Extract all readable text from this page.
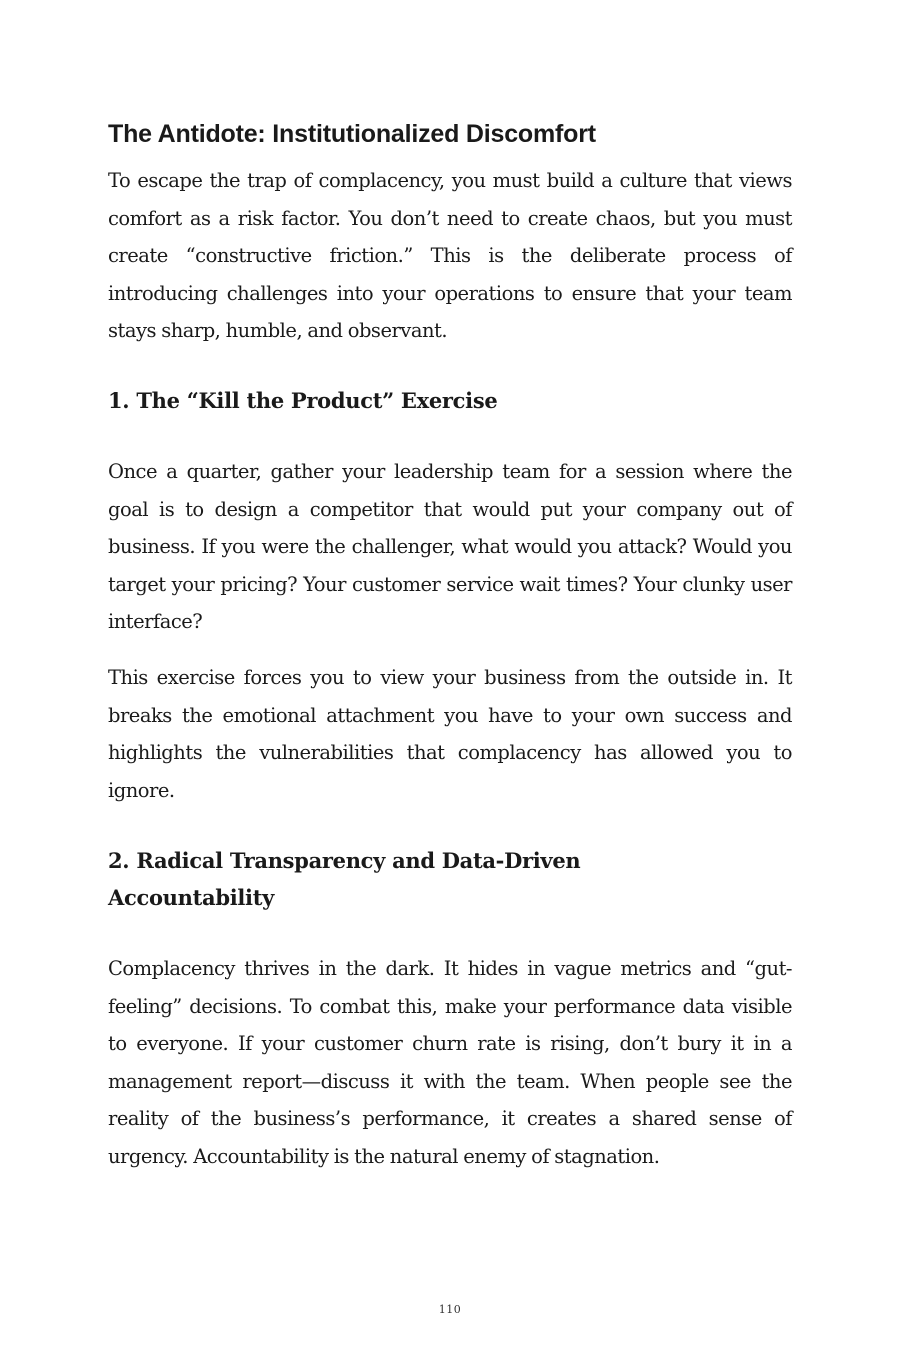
The Antidote: Institutionalized Discomfort

To escape the trap of complacency, you must build a culture that views comfort as a risk factor. You don’t need to create chaos, but you must create “constructive friction.” This is the deliberate process of introducing challenges into your operations to ensure that your team stays sharp, humble, and observant.

1. The “Kill the Product” Exercise

Once a quarter, gather your leadership team for a session where the goal is to design a competitor that would put your company out of business. If you were the challenger, what would you attack? Would you target your pricing? Your customer service wait times? Your clunky user interface?

This exercise forces you to view your business from the outside in. It breaks the emotional attachment you have to your own success and highlights the vulnerabilities that complacency has allowed you to ignore.

2. Radical Transparency and Data-Driven Accountability

Complacency thrives in the dark. It hides in vague metrics and “gut-feeling” decisions. To combat this, make your performance data visible to everyone. If your customer churn rate is rising, don’t bury it in a management report—discuss it with the team. When people see the reality of the business’s performance, it creates a shared sense of urgency. Accountability is the natural enemy of stagnation.

110
